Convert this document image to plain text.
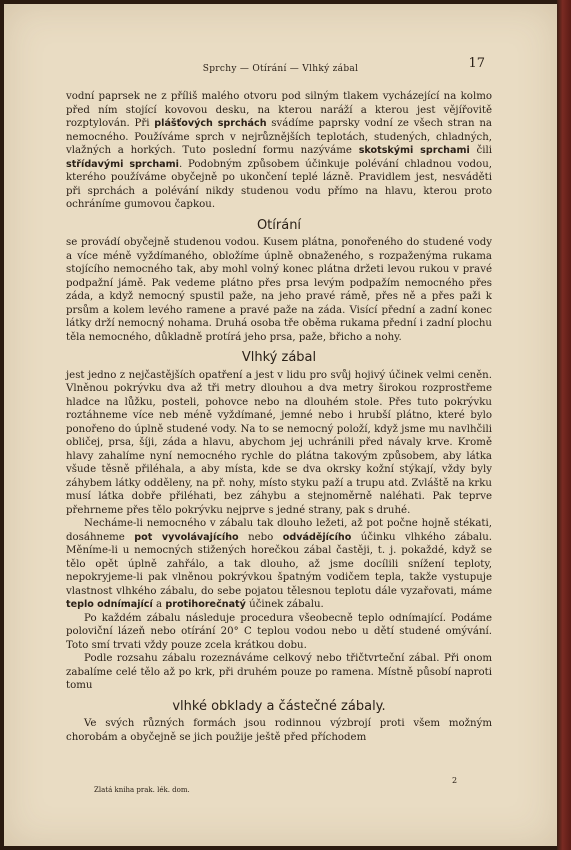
Sprchy — Otírání — Vlhký zábal	17

vodní paprsek ne z příliš malého otvoru pod silným tlakem vycházející na kolmo před ním stojící kovovou desku, na kterou naráží a kterou jest vějířovitě rozptylován. Při plášťových sprchách svádíme paprsky vodní ze všech stran na nemocného. Používáme sprch v nejrůznějších teplotách, studených, chladných, vlažných a horkých. Tuto poslední formu nazýváme skotskými sprchami čili střídavými sprchami. Podobným způsobem účinkuje polévání chladnou vodou, kterého používáme obyčejně po ukončení teplé lázně. Pravidlem jest, nesváděti při sprchách a polévání nikdy studenou vodu přímo na hlavu, kterou proto ochráníme gumovou čapkou.

Otírání

se provádí obyčejně studenou vodou. Kusem plátna, ponořeného do studené vody a více méně vyždímaného, obložíme úplně obnaženého, s rozpaženýma rukama stojícího nemocného tak, aby mohl volný konec plátna držeti levou rukou v pravé podpažní jámě. Pak vedeme plátno přes prsa levým podpažím nemocného přes záda, a když nemocný spustil paže, na jeho pravé rámě, přes ně a přes paži k prsům a kolem levého ramene a pravé paže na záda. Visící přední a zadní konec látky drží nemocný nohama. Druhá osoba tře oběma rukama přední i zadní plochu těla nemocného, důkladně protírá jeho prsa, paže, břicho a nohy.

Vlhký zábal

jest jedno z nejčastějších opatření a jest v lidu pro svůj hojivý účinek velmi ceněn. Vlněnou pokrývku dva až tři metry dlouhou a dva metry širokou rozprostřeme hladce na lůžku, posteli, pohovce nebo na dlouhém stole. Přes tuto pokrývku roztáhneme více neb méně vyždímané, jemné nebo i hrubší plátno, které bylo ponořeno do úplně studené vody. Na to se nemocný položí, když jsme mu navlhčili obličej, prsa, šíji, záda a hlavu, abychom jej uchránili před návaly krve. Kromě hlavy zahalíme nyní nemocného rychle do plátna takovým způsobem, aby látka všude těsně přiléhala, a aby místa, kde se dva okrsky kožní stýkají, vždy byly záhybem látky odděleny, na př. nohy, místo styku paží a trupu atd. Zvláště na krku musí látka dobře přiléhati, bez záhybu a stejnoměrně naléhati. Pak teprve přehrneme přes tělo pokrývku nejprve s jedné strany, pak s druhé.

Necháme-li nemocného v zábalu tak dlouho ležeti, až pot počne hojně stékati, dosáhneme pot vyvolávajícího nebo odvádějícího účinku vlhkého zábalu. Měníme-li u nemocných stižených horečkou zábal častěji, t. j. pokaždé, když se tělo opět úplně zahřálo, a tak dlouho, až jsme docílili snížení teploty, nepokryjeme-li pak vlněnou pokrývkou špatným vodičem tepla, takže vystupuje vlastnost vlhkého zábalu, do sebe pojatou tělesnou teplotu dále vyzařovati, máme teplo odnímající a protihorečnatý účinek zábalu.

Po každém zábalu následuje procedura všeobecně teplo odnímající. Podáme poloviční lázeň nebo otírání 20° C teplou vodou nebo u dětí studené omývání. Toto smí trvati vždy pouze zcela krátkou dobu.

Podle rozsahu zábalu rozeznáváme celkový nebo třičtvrteční zábal. Při onom zabalíme celé tělo až po krk, při druhém pouze po ramena. Místně působí naproti tomu

vlhké obklady a částečné zábaly.

Ve svých různých formách jsou rodinnou výzbrojí proti všem možným chorobám a obyčejně se jich použije ještě před příchodem

Zlatá kniha prak. lék. dom.
2
